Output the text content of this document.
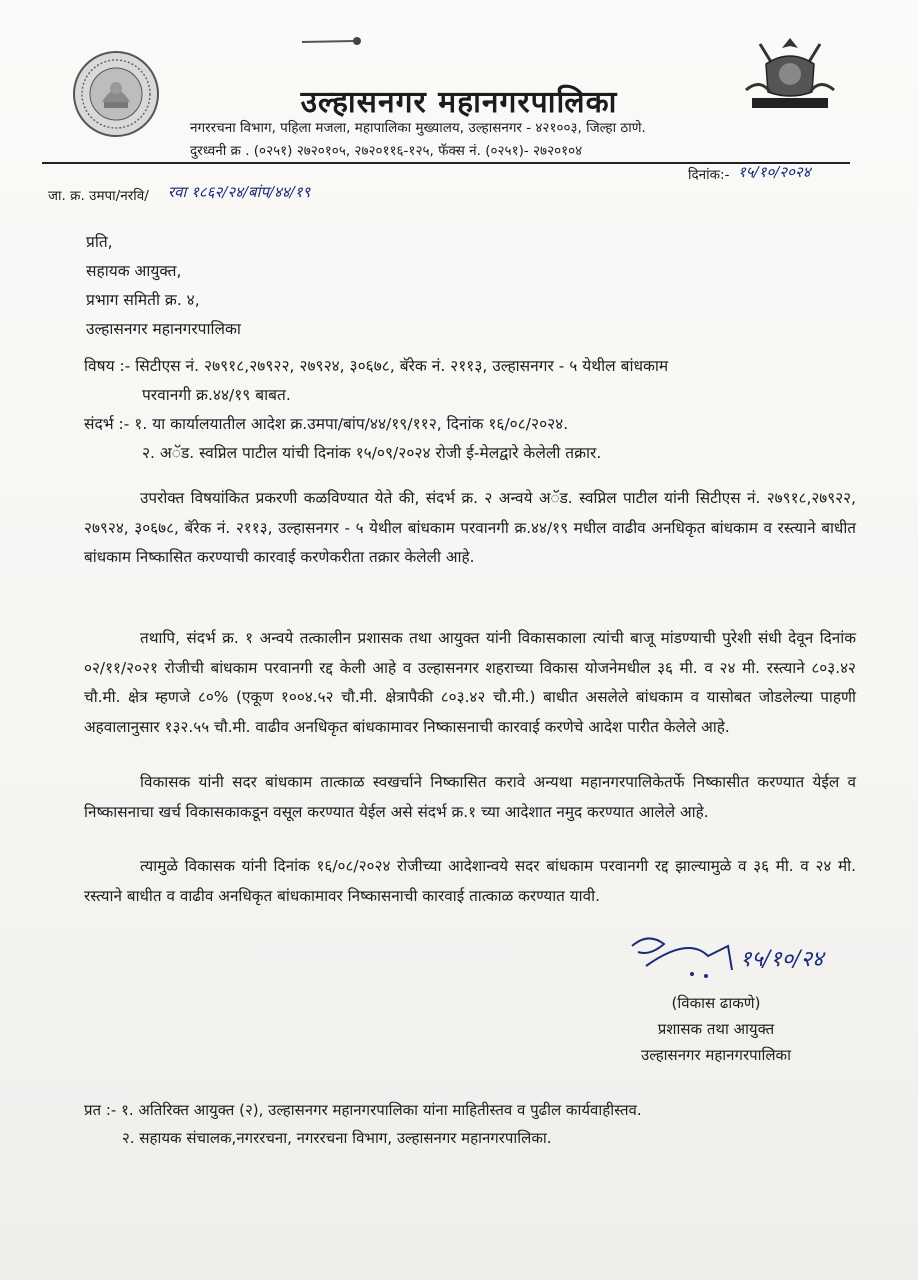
उल्हासनगर महानगरपालिका
नगररचना विभाग, पहिला मजला, महापालिका मुख्यालय, उल्हासनगर - ४२१००३, जिल्हा ठाणे.
दुरध्वनी क्र . (०२५१) २७२०१०५, २७२०११६-१२५, फॅक्स नं. (०२५१)- २७२०१०४
दिनांक:- १५/१०/२०२४
जा. क्र. उमपा/नरवि/ रवा १८६२/२४/बांप/४४/१९
प्रति,
सहायक आयुक्त,
प्रभाग समिती क्र. ४,
उल्हासनगर महानगरपालिका
विषय :- सिटीएस नं. २७९१८,२७९२२, २७९२४, ३०६७८, बॅरेक नं. २११३, उल्हासनगर - ५ येथील बांधकाम
परवानगी क्र.४४/१९ बाबत.
संदर्भ :- १. या कार्यालयातील आदेश क्र.उमपा/बांप/४४/१९/११२, दिनांक १६/०८/२०२४.
२. अॅड. स्वप्निल पाटील यांची दिनांक १५/०९/२०२४ रोजी ई-मेलद्वारे केलेली तक्रार.
उपरोक्त विषयांकित प्रकरणी कळविण्यात येते की, संदर्भ क्र. २ अन्वये अॅड. स्वप्निल पाटील यांनी सिटीएस नं. २७९१८,२७९२२, २७९२४, ३०६७८, बॅरेक नं. २११३, उल्हासनगर - ५ येथील बांधकाम परवानगी क्र.४४/१९ मधील वाढीव अनधिकृत बांधकाम व रस्त्याने बाधीत बांधकाम निष्कासित करण्याची कारवाई करणेकरीता तक्रार केलेली आहे.
तथापि, संदर्भ क्र. १ अन्वये तत्कालीन प्रशासक तथा आयुक्त यांनी विकासकाला त्यांची बाजू मांडण्याची पुरेशी संधी देवून दिनांक ०२/११/२०२१ रोजीची बांधकाम परवानगी रद्द केली आहे व उल्हासनगर शहराच्या विकास योजनेमधील ३६ मी. व २४ मी. रस्त्याने ८०३.४२ चौ.मी. क्षेत्र म्हणजे ८०% (एकूण १००४.५२ चौ.मी. क्षेत्रापैकी ८०३.४२ चौ.मी.) बाधीत असलेले बांधकाम व यासोबत जोडलेल्या पाहणी अहवालानुसार १३२.५५ चौ.मी. वाढीव अनधिकृत बांधकामावर निष्कासनाची कारवाई करणेचे आदेश पारीत केलेले आहे.
विकासक यांनी सदर बांधकाम तात्काळ स्वखर्चाने निष्कासित करावे अन्यथा महानगरपालिकेतर्फे निष्कासीत करण्यात येईल व निष्कासनाचा खर्च विकासकाकडून वसूल करण्यात येईल असे संदर्भ क्र.१ च्या आदेशात नमुद करण्यात आलेले आहे.
त्यामुळे विकासक यांनी दिनांक १६/०८/२०२४ रोजीच्या आदेशान्वये सदर बांधकाम परवानगी रद्द झाल्यामुळे व ३६ मी. व २४ मी. रस्त्याने बाधीत व वाढीव अनधिकृत बांधकामावर निष्कासनाची कारवाई तात्काळ करण्यात यावी.
१५/१०/२४
(विकास ढाकणे)
प्रशासक तथा आयुक्त
उल्हासनगर महानगरपालिका
प्रत :- १. अतिरिक्त आयुक्त (२), उल्हासनगर महानगरपालिका यांना माहितीस्तव व पुढील कार्यवाहीस्तव.
२. सहायक संचालक,नगररचना, नगररचना विभाग, उल्हासनगर महानगरपालिका.
